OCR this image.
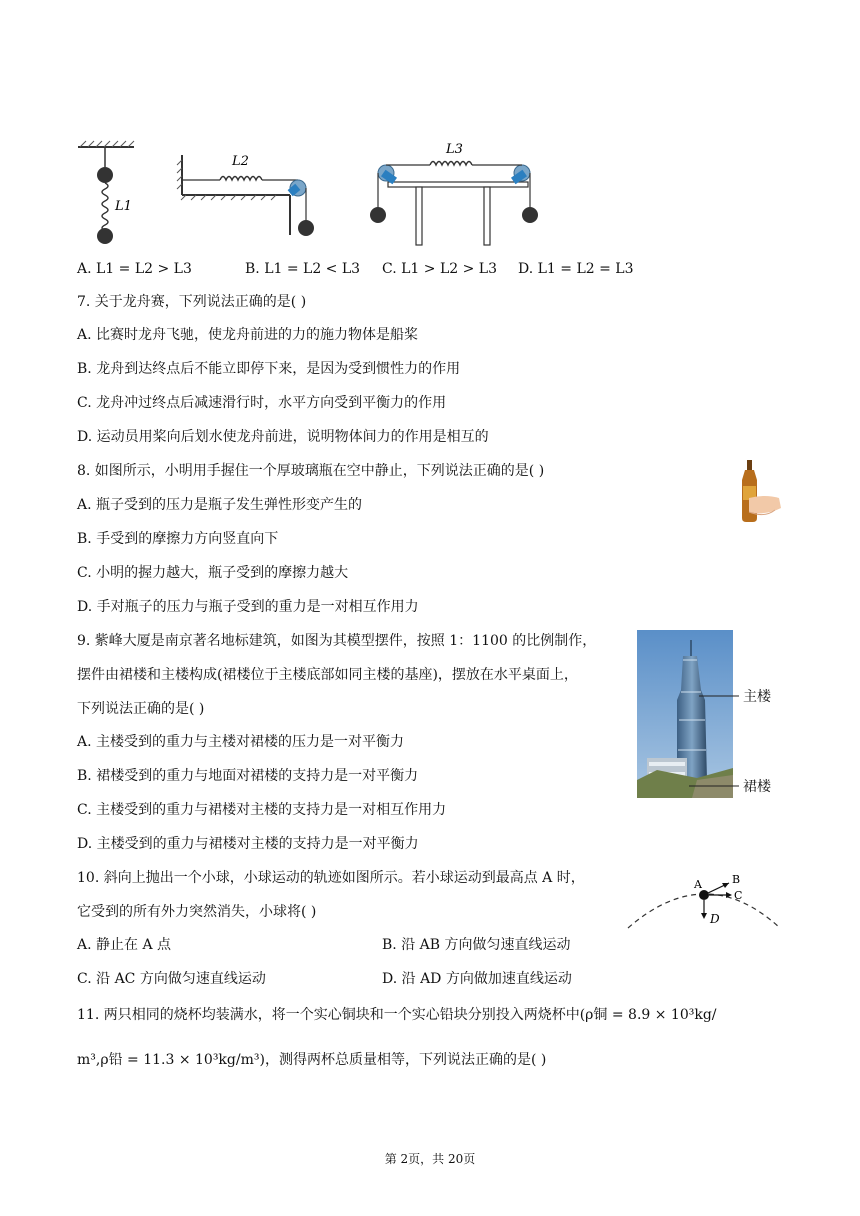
L1
L2
L3
A. L1 = L2 > L3	B. L1 = L2 < L3 C. L1 > L2 > L3 D. L1 = L2 = L3
7. 关于龙舟赛，下列说法正确的是( )
A. 比赛时龙舟飞驰，使龙舟前进的力的施力物体是船桨
B. 龙舟到达终点后不能立即停下来，是因为受到惯性力的作用
C. 龙舟冲过终点后减速滑行时，水平方向受到平衡力的作用
D. 运动员用桨向后划水使龙舟前进，说明物体间力的作用是相互的
8. 如图所示，小明用手握住一个厚玻璃瓶在空中静止，下列说法正确的是( )
A. 瓶子受到的压力是瓶子发生弹性形变产生的
B. 手受到的摩擦力方向竖直向下
C. 小明的握力越大，瓶子受到的摩擦力越大
D. 手对瓶子的压力与瓶子受到的重力是一对相互作用力
9. 紫峰大厦是南京著名地标建筑，如图为其模型摆件，按照 1：1100 的比例制作，
摆件由裙楼和主楼构成(裙楼位于主楼底部如同主楼的基座)，摆放在水平桌面上，
下列说法正确的是( )
A. 主楼受到的重力与主楼对裙楼的压力是一对平衡力
B. 裙楼受到的重力与地面对裙楼的支持力是一对平衡力
C. 主楼受到的重力与裙楼对主楼的支持力是一对相互作用力
D. 主楼受到的重力与裙楼对主楼的支持力是一对平衡力
主楼
裙楼
10. 斜向上抛出一个小球，小球运动的轨迹如图所示。若小球运动到最高点 A 时，
它受到的所有外力突然消失，小球将( )
A. 静止在 A 点	B. 沿 AB 方向做匀速直线运动
C. 沿 AC 方向做匀速直线运动	D. 沿 AD 方向做加速直线运动
A	B
C
D
11. 两只相同的烧杯均装满水，将一个实心铜块和一个实心铅块分别投入两烧杯中(ρ铜 = 8.9 × 10³kg/
m³,ρ铅 = 11.3 × 10³kg/m³)，测得两杯总质量相等，下列说法正确的是( )
第 2页，共 20页
